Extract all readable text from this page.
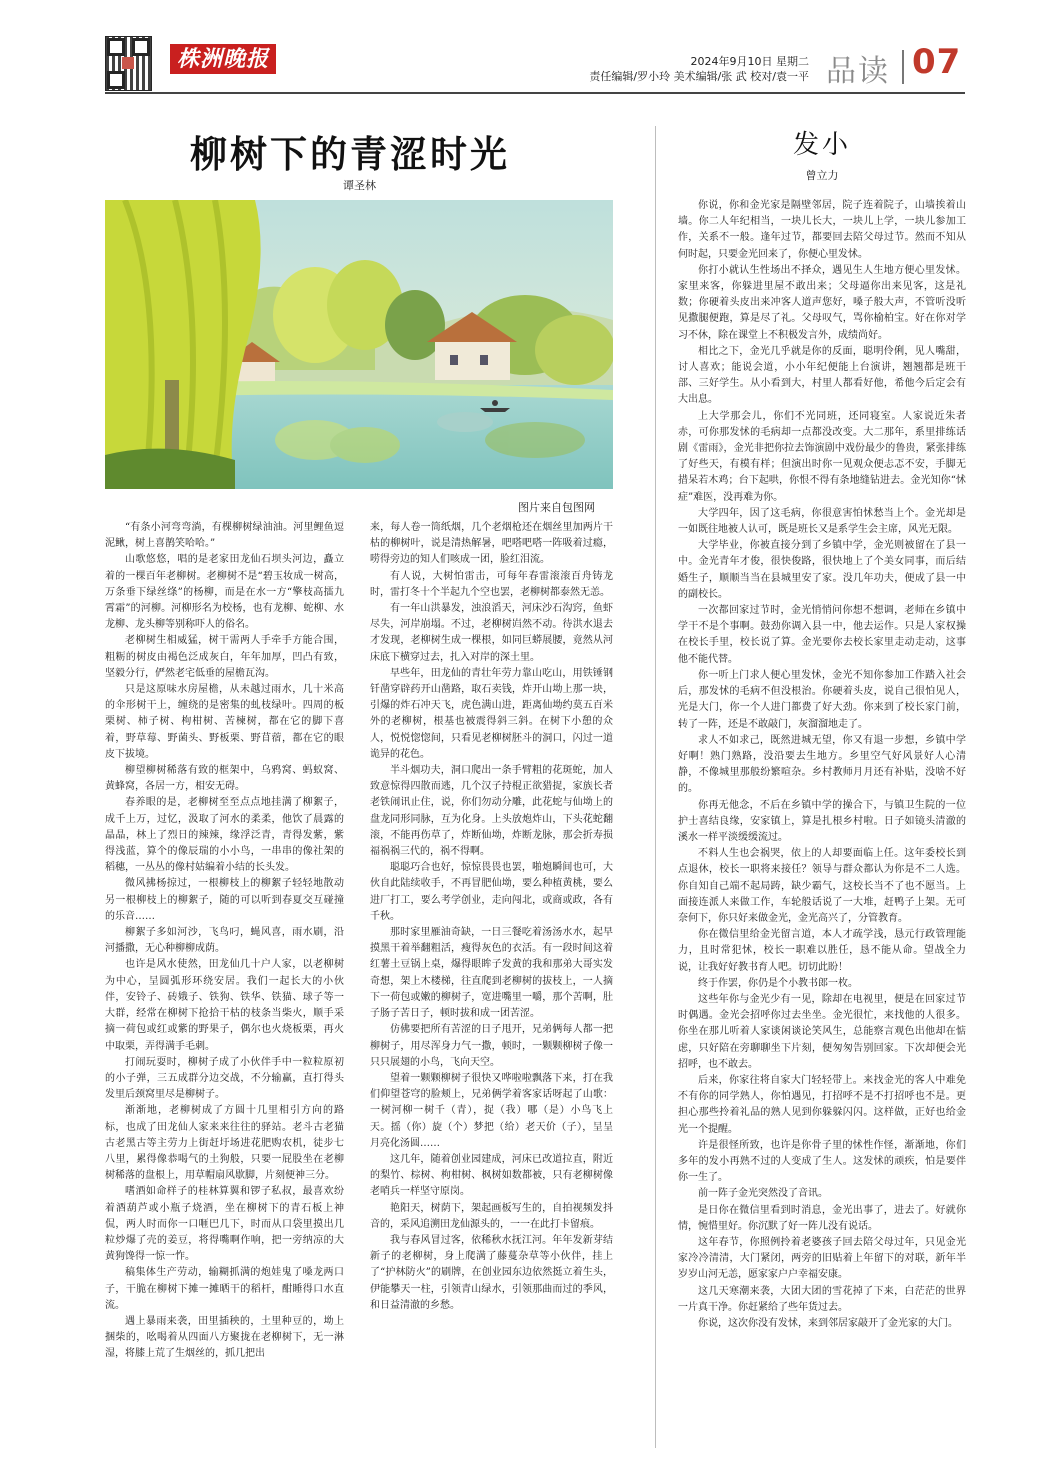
株洲晚报	2024年9月10日 星期二
责任编辑/罗小玲 美术编辑/张 武 校对/袁一平 品读 07
柳树下的青涩时光
谭圣林
图片来自包图网

“有条小河弯弯淌，有棵柳树绿油油。河里鲤鱼逗泥鳅，树上喜鹊笑哈哈。”

山歌悠悠，唱的是老家田龙仙石坝头河边，矗立着的一棵百年老柳树。老柳树不是“碧玉妆成一树高，万条垂下绿丝绦”的杨柳，而是在水一方“擎枝高擂九霄霜”的河柳。河柳形名为校杨，也有龙柳、蛇柳、水龙柳、龙头柳等别称吓人的俗名。

老柳树生相威猛，树干需两人手牵手方能合围，粗粝的树皮由褐色泛成灰白，年年加厚，凹凸有致，坚毅分行，俨然老宅低垂的屋檐瓦沟。

只是这原味水房屋檐，从未越过雨水，几十米高的伞形树干上，缠绕的是密集的虬枝绿叶。四周的板栗树、柿子树、枸柑树、苦楝树，都在它的脚下喜着，野草莓、野菌头、野板栗、野苜蓿，都在它的眼皮下拔境。

柳望柳树稀落有致的框架中，乌鸦窝、蚂蚁窝、黄蜂窝，各居一方，相安无碍。

春养眼的是，老柳树至至点点地挂满了柳絮子，成千上万，过忆，汲取了河水的柔柔，他饮了晨露的晶晶，林上了烈日的辣辣，缘浮泛青，青得发紫，紫得浅蓝，算个的像辰瑞的小小鸟，一串串的像社架的稻穗，一丛丛的像村姑编着小结的长头发。

微风拂杨掠过，一根柳枝上的柳絮子轻轻地散动另一根柳枝上的柳絮子，随的可以听到春夏交互碰撞的乐音……

柳絮子多如河沙，飞鸟叼，蝇风喜，雨水刷，沿河播撒，无心种柳柳成荫。

也许是风水使然，田龙仙几十户人家，以老柳树为中心，呈圆弧形环绕安居。我们一起长大的小伙伴，安铃子、砖娥子、铁狗、铁华、铁猫、球子等一大群，经常在柳树下抢拾干枯的枝条当柴火，顺手采摘一荷包或红或紫的野果子，偶尔也火烧板栗，再火中取栗，弄得满手毛刺。

打闹玩耍时，柳树子成了小伙伴手中一粒粒原初的小子弹，三五成群分边交战，不分输赢，直打得头发里后颈窝里尽是柳树子。

渐渐地，老柳树成了方圆十几里相引方向的路标，也成了田龙仙人家来来往往的驿站。老斗古老猫古老黑古等主劳力上街赶圩场进花肥购农机，徒步七八里，累得像恭喝气的土狗般，只要一屁股坐在老柳树稀落的盘根上，用草帽扇风歇脚，片刻便神三分。

嗜酒如命样子的桂林算翼和锣子私叔，最喜欢纷着酒葫芦或小瓶子烧酒，坐在柳树下的青石板上神侃，两人时而你一口咂巴几下，时而从口袋里摸出几粒炒爆了壳的姜豆，将得嘴啊作响，把一旁纳凉的大黄狗馋得一惊一怍。

稿集体生产劳动，输糊抓满的炮娃鬼了嗓龙两口子，干脆在柳树下摊一摊晒干的稻杆，酣睡得口水直流。

遇上暴雨来袭，田里插秧的，土里种豆的，坳上捆柴的，吆喝着从四面八方聚拢在老柳树下，无一淋湿，将膝上荒了生烟丝的，抓几把出

来，每人卷一筒纸烟，几个老烟枪还在烟丝里加两片干枯的柳树叶，说是清热解暑，吧嗒吧嗒一阵吸着过瘾，唠得旁边的知人们咳成一团，脸红泪流。

有人说，大树怕雷击，可每年春雷滚滚百舟铸龙时，雷打冬十个半起九个空也罢，老柳树都泰然无恙。

有一年山洪暴发，浊浪滔天，河床沙石沟窍，鱼虾尽失，河岸崩塌。不过，老柳树岿然不动。待洪水退去才发现，老柳树生成一棵根，如同巨蟒展腰，竟然从河床底下横穿过去，扎入对岸的深土里。

早些年，田龙仙的青壮年劳力靠山吃山，用铁锤钢钎凿穿辟药开山凿路，取石卖钱，炸开山坳上那一块，引爆的炸石冲天飞，虎色满山进，距离仙坳约莫五百米外的老柳树，根基也被震得斜三斜。在树下小憩的众人，悦悦惚惚间，只看见老柳树胚斗的洞口，闪过一道诡异的花色。

半斗烟功夫，洞口爬出一条手臂粗的花斑蛇，加人致意惊得四散而逃，几个汉子持棍正欲猎捉，家族长者老铁闹讯止住，说，你们勿动分雕，此花蛇与仙坳上的盘龙同形同脉，互为化身。上头放炮炸山，下头花蛇翻滚，不能再伤草了，炸断仙坳，炸断龙脉，那会折寿损福祸祸三代的，祸不得啊。

聪聪巧合也好，惊惊畏畏也罢，啪炮瞬间也可，大伙自此陆续收手，不再冒肥仙坳，要么种植黄桃，要么进厂打工，要么考学创业，走向闯北，或商或政，各有千秋。

那时家里雁油奇缺，一日三餐吃着汤汤水水，起早摸黑干着举翻粗活，瘦得灰色的衣活。有一段时间这着红薯土豆锅上桌，爆得眼眸子发黄的我和那弟大哥实发奇想，架上木楼梯，往直爬到老柳树的拔枝上，一人摘下一荷包或嫩的柳树子，宽进嘴里一嚼，那个苦啊，肚子肠子苦日子，顿时拔和成一团苦涩。

仿佛要把所有苦涩的日子甩开，兄弟俩每人都一把柳树子，用尽浑身力气一撒，顿时，一颗颗柳树子像一只只展翅的小鸟，飞向天空。

望着一颗颗柳树子很快又哗啦啦飘落下来，打在我们仰望苍穹的脸颊上，兄弟俩学着客家话呀起了山歌：一树河柳一树千（青），捉（我）哪（是）小鸟飞上天。摇（你）旋（个）梦把（给）老天价（子），呈呈月亮化汤圆……

这几年，随着创业园建成，河床已改道拉直，附近的梨竹、棕树、枸柑树、枫树如数都被，只有老柳树像老哨兵一样坚守原岗。

艳阳天，树荫下，架起画板写生的，自拍视频发抖音的，采风追溯田龙仙源头的，一一在此打卡留痕。

我与春风冒过客，依稀秋水抚江河。年年发新芽结新子的老柳树，身上爬满了藤蔓杂草等小伙伴，挂上了“护林防火”的刷牌，在创业园东边依然挺立着生头，伊能攀天一柱，引领青山绿水，引领那曲而过的季风，和日益清澈的乡愁。

发小
曾立力

你说，你和金光家是隔壁邻居，院子连着院子，山墙挨着山墙。你二人年纪相当，一块儿长大，一块儿上学，一块儿参加工作，关系不一般。逢年过节，都要回去陪父母过节。然而不知从何时起，只要金光回来了，你便心里发怵。

你打小就认生性场出不择众，遇见生人生地方便心里发怵。家里来客，你躲进里屋不敢出来；父母逼你出来见客，这是礼数；你硬着头皮出来冲客人道声您好，嗓子般大声，不管听没听见撒腿便跑，算是尽了礼。父母叹气，骂你榆柏宝。好在你对学习不休，除在课堂上不积极发言外，成绩尚好。

相比之下，金光几乎就是你的反面，聪明伶俐，见人嘴甜，讨人喜欢；能说会道，小小年纪便能上台演讲，翘翘都是班干部、三好学生。从小看到大，村里人都看好他，希他今后定会有大出息。

上大学那会儿，你们不光同班，还同寝室。人家说近朱者赤，可你那发怵的毛病却一点都没改变。大二那年，系里排练话剧《雷雨》，金光非把你拉去饰演剧中戏份最少的鲁贵，紧张排练了好些天，有模有样；但演出时你一见观众便忐忑不安，手脚无措呆若木鸡；台下起哄，你恨不得有条地缝钻进去。金光知你“怵症”难医，没再难为你。

大学四年，因了这毛病，你很意害怕怵愁当上个。金光却是一如既往地被人认可，既是班长又是系学生会主席，风光无限。

大学毕业，你被直接分到了乡镇中学，金光则被留在了县一中。金光青年才俊，很快俊路，很快地上了个美女同事，而后结婚生子，顺顺当当在县城里安了家。没几年功夫，便成了县一中的副校长。

一次都回家过节时，金光悄悄问你想不想调，老师在乡镇中学干不是个事啊。鼓劲你调入县一中，他去运作。只是人家权操在校长手里，校长说了算。金光要你去校长家里走动走动，这事他不能代替。

你一听上门求人便心里发怵，金光不知你参加工作踏入社会后，那发怵的毛病不但没根治。你硬着头皮，说自己很怕见人，光是大门，你一个人进门都费了好大劲。你来到了校长家门前，转了一阵，还是不敢敲门，灰溜溜地走了。

求人不如求己，既然进城无望，你又有退一步想，乡镇中学好啊！熟门熟路，没沿要去生地方。乡里空气好风景好人心清静，不像城里那般纷繁喧杂。乡村教师月月还有补贴，没啥不好的。

你再无他念，不后在乡镇中学的操合下，与镇卫生院的一位护士喜结良缘，安家镇上，算是扎根乡村啦。日子如镜头清澈的溪水一样平淡缓缓流过。

不料人生也会祸哭，依上的人却要面临上任。这年委校长到点退休，校长一职将来接任？领导与群众都认为你是不二人选。你自知自己端不起局踌，缺少霸气，这校长当不了也不愿当。上面接连派人来做工作，车轮般话说了一大堆，赶鸭子上架。无可奈何下，你只好来做金光，金光高兴了，分管教育。

你在微信里给金光留言道，本人才疏学浅，恳元行政管理能力，且时常犯怵，校长一职难以胜任，恳不能从命。望战全力说，让我好好教书育人吧。切切此盼！

终于作罢，你仍是个小教书郎一枚。

这些年你与金光少有一见，除却在电视里，便是在回家过节时偶遇。金光会招呼你过去坐坐。金光很忙，来找他的人很多。你坐在那儿听着人家谈闲谈论笑风生，总能察言观色出他却在惦虑，只好陪在旁聊聊坐下片刻，便匆匆告别回家。下次却便会光招呼，也不敢去。

后来，你家往将自家大门轻轻带上。来找金光的客人中难免不有你的同学熟人，你怕遇见，打招呼不是不打招呼也不是。更担心那些拎着礼品的熟人见到你躲躲闪闪。这样做，正好也给金光一个提醒。

许是很怪所致，也许是你骨子里的怵性作怪，渐渐地，你们多年的发小再熟不过的人变成了生人。这发怵的顽疾，怕是要伴你一生了。

前一阵子金光突然没了音讯。

是日你在微信里看到时消息，金光出事了，进去了。好就你情，惋惜里好。你沉默了好一阵儿没有说话。

这年春节，你照例拎着老婆孩子回去陪父母过年，只见金光家冷冷清清，大门紧闭，两旁的旧贴着上年留下的对联，新年半岁岁山河无恙，愿家家户户幸福安康。

这几天寒潮来袭，大团大团的雪花掉了下来，白茫茫的世界一片真干净。你赶紧给了些年货过去。

你说，这次你没有发怵，来到邻居家敲开了金光家的大门。
